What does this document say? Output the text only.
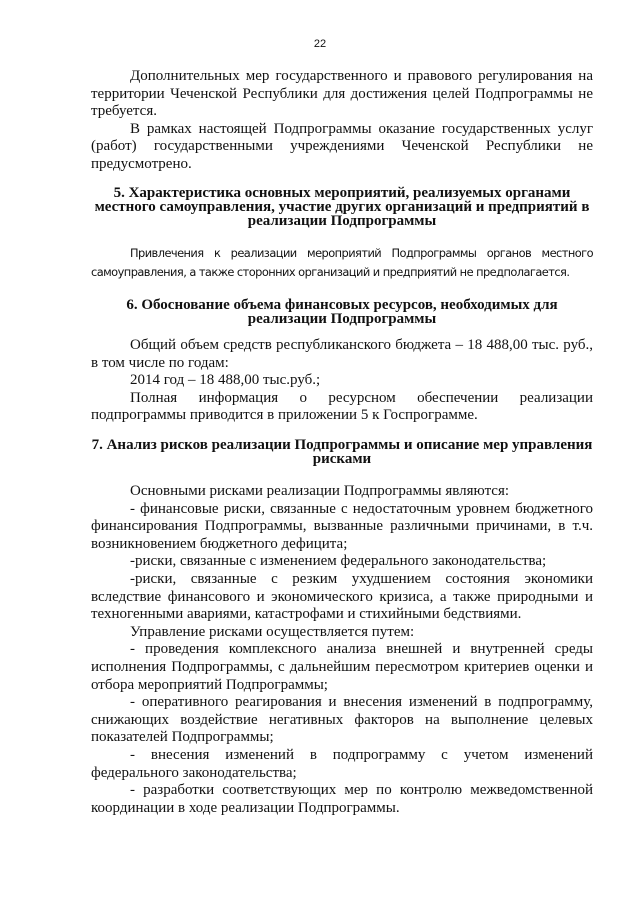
22

Дополнительных мер государственного и правового регулирования на территории Чеченской Республики для достижения целей Подпрограммы не требуется.

В рамках настоящей Подпрограммы оказание государственных услуг (работ) государственными учреждениями Чеченской Республики не предусмотрено.

5. Характеристика основных мероприятий, реализуемых органами местного самоуправления, участие других организаций и предприятий в реализации Подпрограммы

Привлечения к реализации мероприятий Подпрограммы органов местного самоуправления, а также сторонних организаций и предприятий не предполагается.

6. Обоснование объема финансовых ресурсов, необходимых для реализации Подпрограммы

Общий объем средств республиканского бюджета – 18 488,00 тыс. руб., в том числе по годам:

2014 год – 18 488,00 тыс.руб.;

Полная информация о ресурсном обеспечении реализации подпрограммы приводится в приложении 5 к Госпрограмме.

7. Анализ рисков реализации Подпрограммы и описание мер управления рисками

Основными рисками реализации Подпрограммы являются:

- финансовые риски, связанные с недостаточным уровнем бюджетного финансирования Подпрограммы, вызванные различными причинами, в т.ч. возникновением бюджетного дефицита;

-риски, связанные с изменением федерального законодательства;

-риски, связанные с резким ухудшением состояния экономики вследствие финансового и экономического кризиса, а также природными и техногенными авариями, катастрофами и стихийными бедствиями.

Управление рисками осуществляется путем:

- проведения комплексного анализа внешней и внутренней среды исполнения Подпрограммы, с дальнейшим пересмотром критериев оценки и отбора мероприятий Подпрограммы;

- оперативного реагирования и внесения изменений в подпрограмму, снижающих воздействие негативных факторов на выполнение целевых показателей Подпрограммы;

- внесения изменений в подпрограмму с учетом изменений федерального законодательства;

- разработки соответствующих мер по контролю межведомственной координации в ходе реализации Подпрограммы.
